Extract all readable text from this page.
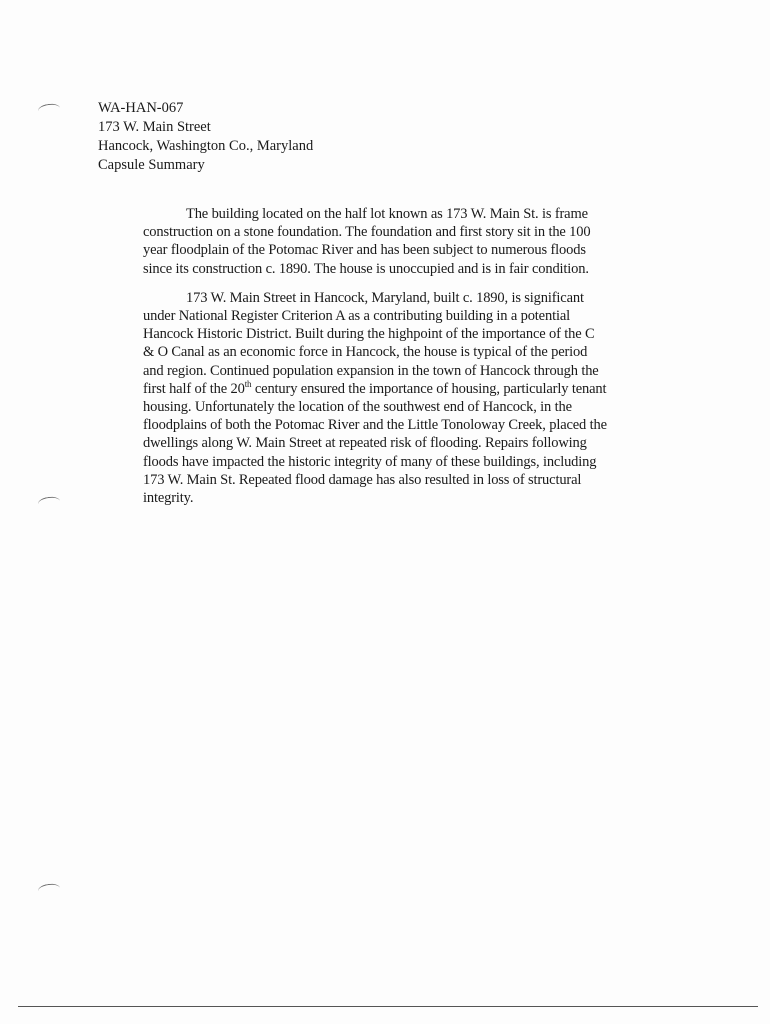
WA-HAN-067
173 W. Main Street
Hancock, Washington Co., Maryland
Capsule Summary
The building located on the half lot known as 173 W. Main St. is frame
construction on a stone foundation. The foundation and first story sit in the 100
year floodplain of the Potomac River and has been subject to numerous floods
since its construction c. 1890. The house is unoccupied and is in fair condition.
173 W. Main Street in Hancock, Maryland, built c. 1890, is significant
under National Register Criterion A as a contributing building in a potential
Hancock Historic District. Built during the highpoint of the importance of the C
& O Canal as an economic force in Hancock, the house is typical of the period
and region. Continued population expansion in the town of Hancock through the
first half of the 20th century ensured the importance of housing, particularly tenant
housing. Unfortunately the location of the southwest end of Hancock, in the
floodplains of both the Potomac River and the Little Tonoloway Creek, placed the
dwellings along W. Main Street at repeated risk of flooding. Repairs following
floods have impacted the historic integrity of many of these buildings, including
173 W. Main St. Repeated flood damage has also resulted in loss of structural
integrity.
